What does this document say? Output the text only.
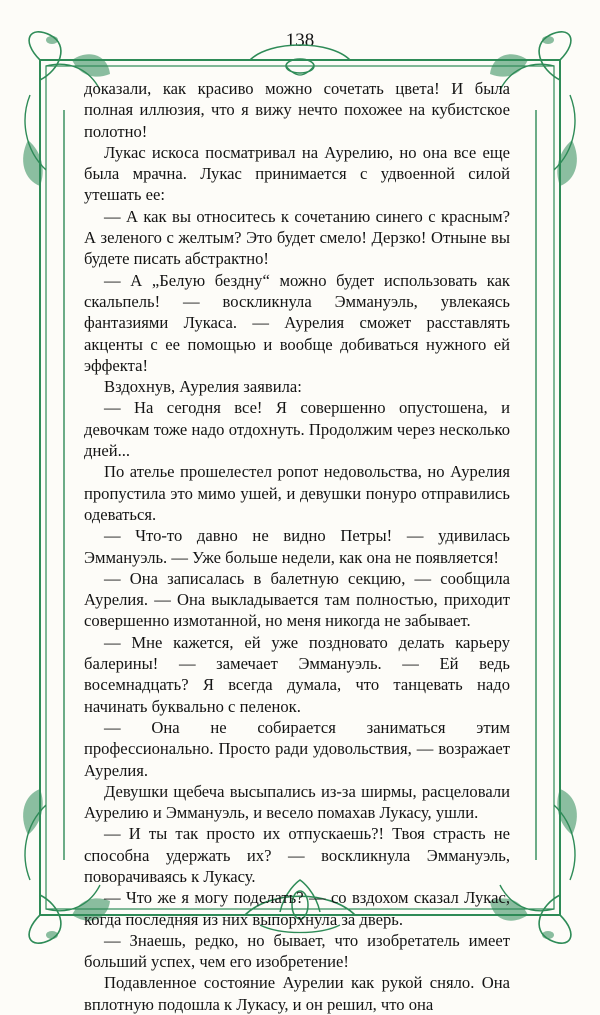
138

доказали, как красиво можно сочетать цвета! И была полная иллюзия, что я вижу нечто похожее на кубистское полотно!

Лукас искоса посматривал на Аурелию, но она все еще была мрачна. Лукас принимается с удвоенной силой утешать ее:

— А как вы относитесь к сочетанию синего с красным? А зеленого с желтым? Это будет смело! Дерзко! Отныне вы будете писать абстрактно!

— А „Белую бездну“ можно будет использовать как скальпель! — воскликнула Эммануэль, увлекаясь фантазиями Лукаса. — Аурелия сможет расставлять акценты с ее помощью и вообще добиваться нужного ей эффекта!

Вздохнув, Аурелия заявила:

— На сегодня все! Я совершенно опустошена, и девочкам тоже надо отдохнуть. Продолжим через несколько дней...

По ателье прошелестел ропот недовольства, но Аурелия пропустила это мимо ушей, и девушки понуро отправились одеваться.

— Что-то давно не видно Петры! — удивилась Эммануэль. — Уже больше недели, как она не появляется!

— Она записалась в балетную секцию, — сообщила Аурелия. — Она выкладывается там полностью, приходит совершенно измотанной, но меня никогда не забывает.

— Мне кажется, ей уже поздновато делать карьеру балерины! — замечает Эммануэль. — Ей ведь восемнадцать? Я всегда думала, что танцевать надо начинать буквально с пеленок.

— Она не собирается заниматься этим профессионально. Просто ради удовольствия, — возражает Аурелия.

Девушки щебеча высыпались из-за ширмы, расцеловали Аурелию и Эммануэль, и весело помахав Лукасу, ушли.

— И ты так просто их отпускаешь?! Твоя страсть не способна удержать их? — воскликнула Эммануэль, поворачиваясь к Лукасу.

— Что же я могу поделать? — со вздохом сказал Лукас, когда последняя из них выпорхнула за дверь.

— Знаешь, редко, но бывает, что изобретатель имеет больший успех, чем его изобретение!

Подавленное состояние Аурелии как рукой сняло. Она вплотную подошла к Лукасу, и он решил, что она
